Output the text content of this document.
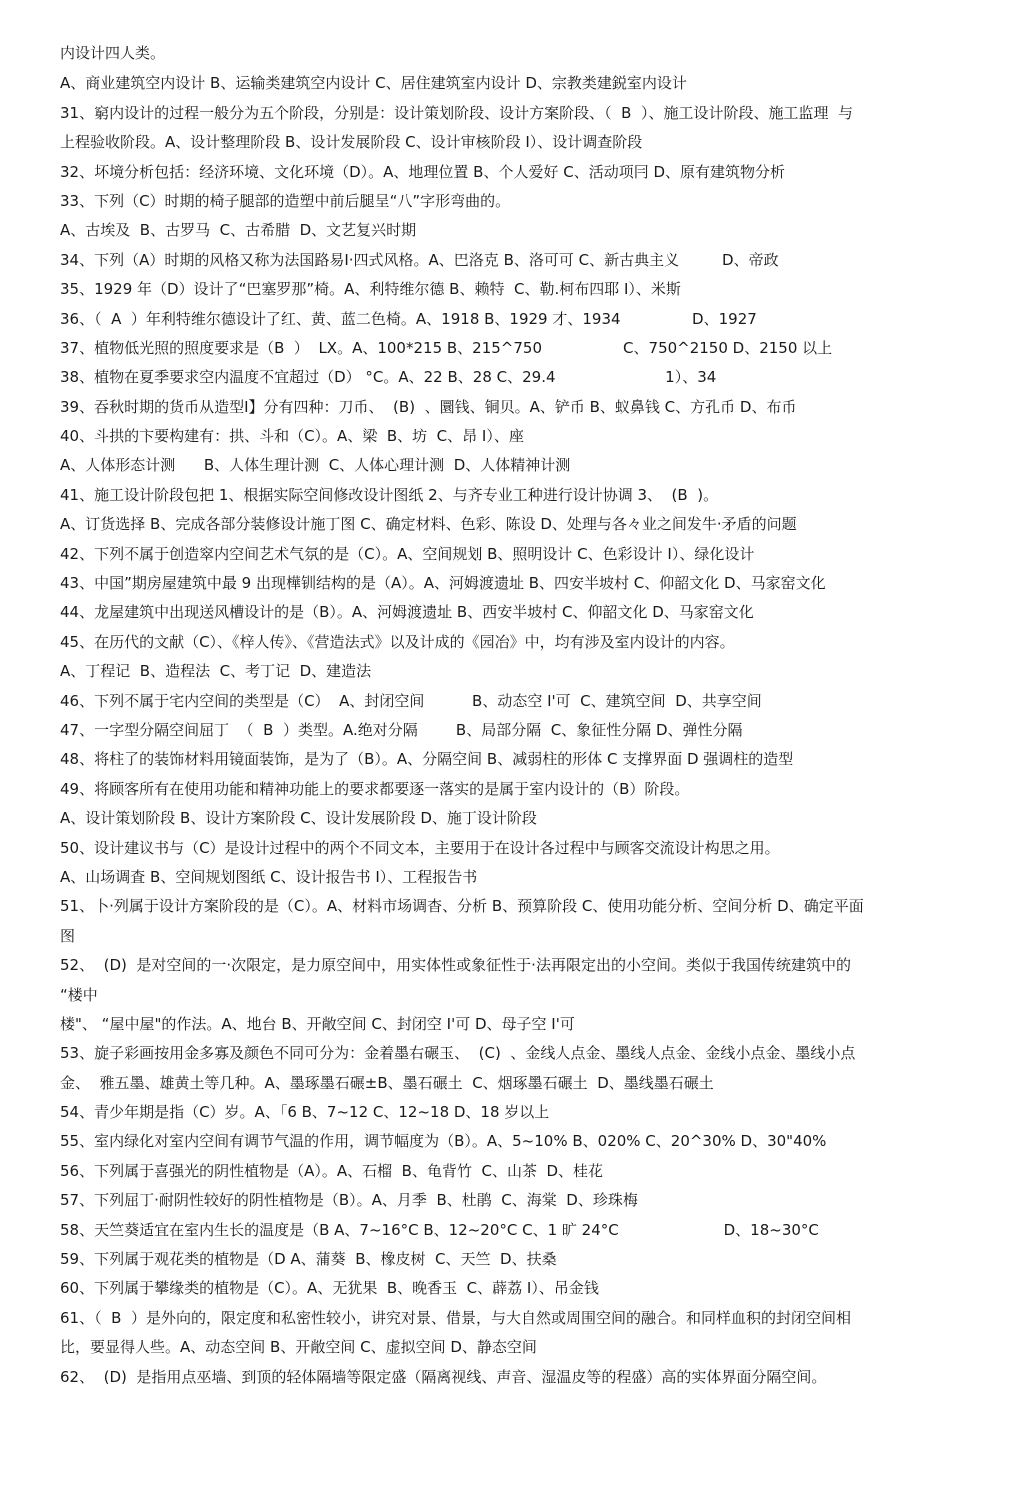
内设计四人类。
A、商业建筑空内设计 B、运输类建筑空内设计 C、居住建筑室内设计 D、宗教类建鋭室内设计
31、窮内设计的过程一般分为五个阶段，分别是：设计策划阶段、设计方案阶段、（  B  ）、施工设计阶段、施工监理  与
上程验收阶段。A、设计整理阶段 B、设计发展阶段 C、设计审核阶段 I）、设计调查阶段
32、坏境分析包括：经济环境、文化环境（D）。A、地理位置 B、个人爱好 C、活动项冃 D、原有建筑物分析
33、下列（C）时期的椅子腿部的造塑中前后腿呈“八”字形弯曲的。
A、古埃及  B、古罗马  C、古希腊  D、文艺复兴时期
34、下列（A）时期的风格又称为法国路易I·四式风格。A、巴洛克 B、洛可可 C、新古典主义         D、帝政
35、1929 年（D）设计了“巴塞罗那”椅。A、利特维尔德 B、赖特  C、勒.柯布四耶 I）、米斯
36、（  A  ）年利特维尔德设计了红、黄、蓝二色椅。A、1918 B、1929 才、1934               D、1927
37、植物低光照的照度要求是（B  ）  LX。A、100*215 B、215^750                 C、750^2150 D、2150 以上
38、植物在夏季要求空内温度不宜超过（D） °C。A、22 B、28 C、29.4                       1）、34
39、吞秋时期的货币从造型I】分有四种：刀币、  (B)  、圜钱、铜贝。A、铲币 B、蚁鼻钱 C、方孔币 D、布币
40、斗拱的卞要构建有：拱、斗和（C）。A、梁  B、坊  C、昂 I）、座
A、人体形态计测      B、人体生理计测  C、人体心理计测  D、人体精神计测
41、施工设计阶段包把 1、根据实际空间修改设计图纸 2、与齐专业工种进行设计协调 3、  (B  )。
A、订货选择 B、完成各部分装修设计施丁图 C、确定材料、色彩、陈设 D、处理与各々业之间发牛·矛盾的问题
42、下列不属于创造窣内空间艺术气氛的是（C）。A、空间规划 B、照明设计 C、色彩设计 I）、绿化设计
43、中国”期房屋建筑中最 9 出现樺钏结构的是（A）。A、河姆渡遗址 B、四安半坡村 C、仰韶文化 D、马家窑文化
44、龙屋建筑中出现送风槽设计的是（B）。A、河姆渡遗址 B、西安半坡村 C、仰韶文化 D、马家窑文化
45、在历代的文献（C）、《梓人传》、《营造法式》以及计成的《园冶》中，均有涉及室内设计的内容。
A、丁程记  B、造程法  C、考丁记  D、建造法
46、下列不属于宅内空间的类型是（C）  A、封闭空间          B、动态空 I'可  C、建筑空间  D、共享空间
47、一字型分隔空间屈丁  （  B  ）类型。A.绝对分隔        B、局部分隔  C、象征性分隔 D、弹性分隔
48、将柱了的装饰材料用镜面装饰，是为了（B）。A、分隔空间 B、减弱柱的形体 C 支撑界面 D 强调柱的造型
49、将顾客所有在使用功能和精神功能上的要求都要逐一落实的是属于室内设计的（B）阶段。
A、设计策划阶段 B、设计方案阶段 C、设计发展阶段 D、施丁设计阶段
50、设计建议书与（C）是设计过程中的两个不同文本，主要用于在设计各过程中与顾客交流设计构思之用。
A、山场调査 B、空间规划图纸 C、设计报告书 I）、工程报告书
51、卜·列属于设计方案阶段的是（C）。A、材料市场调杳、分析 B、预算阶段 C、使用功能分析、空间分析 D、确定平面
图
52、  (D)  是对空间的一·次限定，是力原空间中，用实体性或象征性于·法再限定出的小空间。类似于我国传统建筑中的
“楼中
楼"、 “屋中屋"的作法。A、地台 B、开敞空间 C、封闭空 I'可 D、母子空 I'可
53、旋子彩画按用金多寡及颜色不同可分为：金着墨右碾玉、  (C)  、金线人点金、墨线人点金、金线小点金、墨线小点
金、  雅五墨、雄黄土等几种。A、墨琢墨石碾±B、墨石碾土  C、烟琢墨石碾土  D、墨线墨石碾土
54、青少年期是指（C）岁。A、「6 B、7~12 C、12~18 D、18 岁以上
55、室内绿化对室内空间有调节气温的作用，调节幅度为（B）。A、5~10% B、020% C、20^30% D、30"40%
56、下列属于喜强光的阴性植物是（A）。A、石榴  B、龟背竹  C、山茶  D、桂花
57、下列屈丁·耐阴性较好的阴性植物是（B）。A、月季  B、杜鹃  C、海棠  D、珍珠梅
58、天竺葵适宜在室内生长的温度是（B A、7~16°C B、12~20°C C、1 旷 24°C                      D、18~30°C
59、下列属于观花类的植物是（D A、蒲葵  B、橡皮树  C、天竺  D、扶桑
60、下列属于攀缘类的植物是（C）。A、无犹果  B、晚香玉  C、薜荔 I）、吊金钱
61、（  B  ）是外向的，限定度和私密性较小，讲究对景、借景，与大自然或周围空间的融合。和同样血积的封闭空间相
比，要显得人些。A、动态空间 B、开敞空间 C、虚拟空间 D、静态空间
62、  (D)  是指用点巫墙、到顶的轻体隔墙等限定盛（隔离视线、声音、湿温皮等的程盛）高的实体界面分隔空间。
